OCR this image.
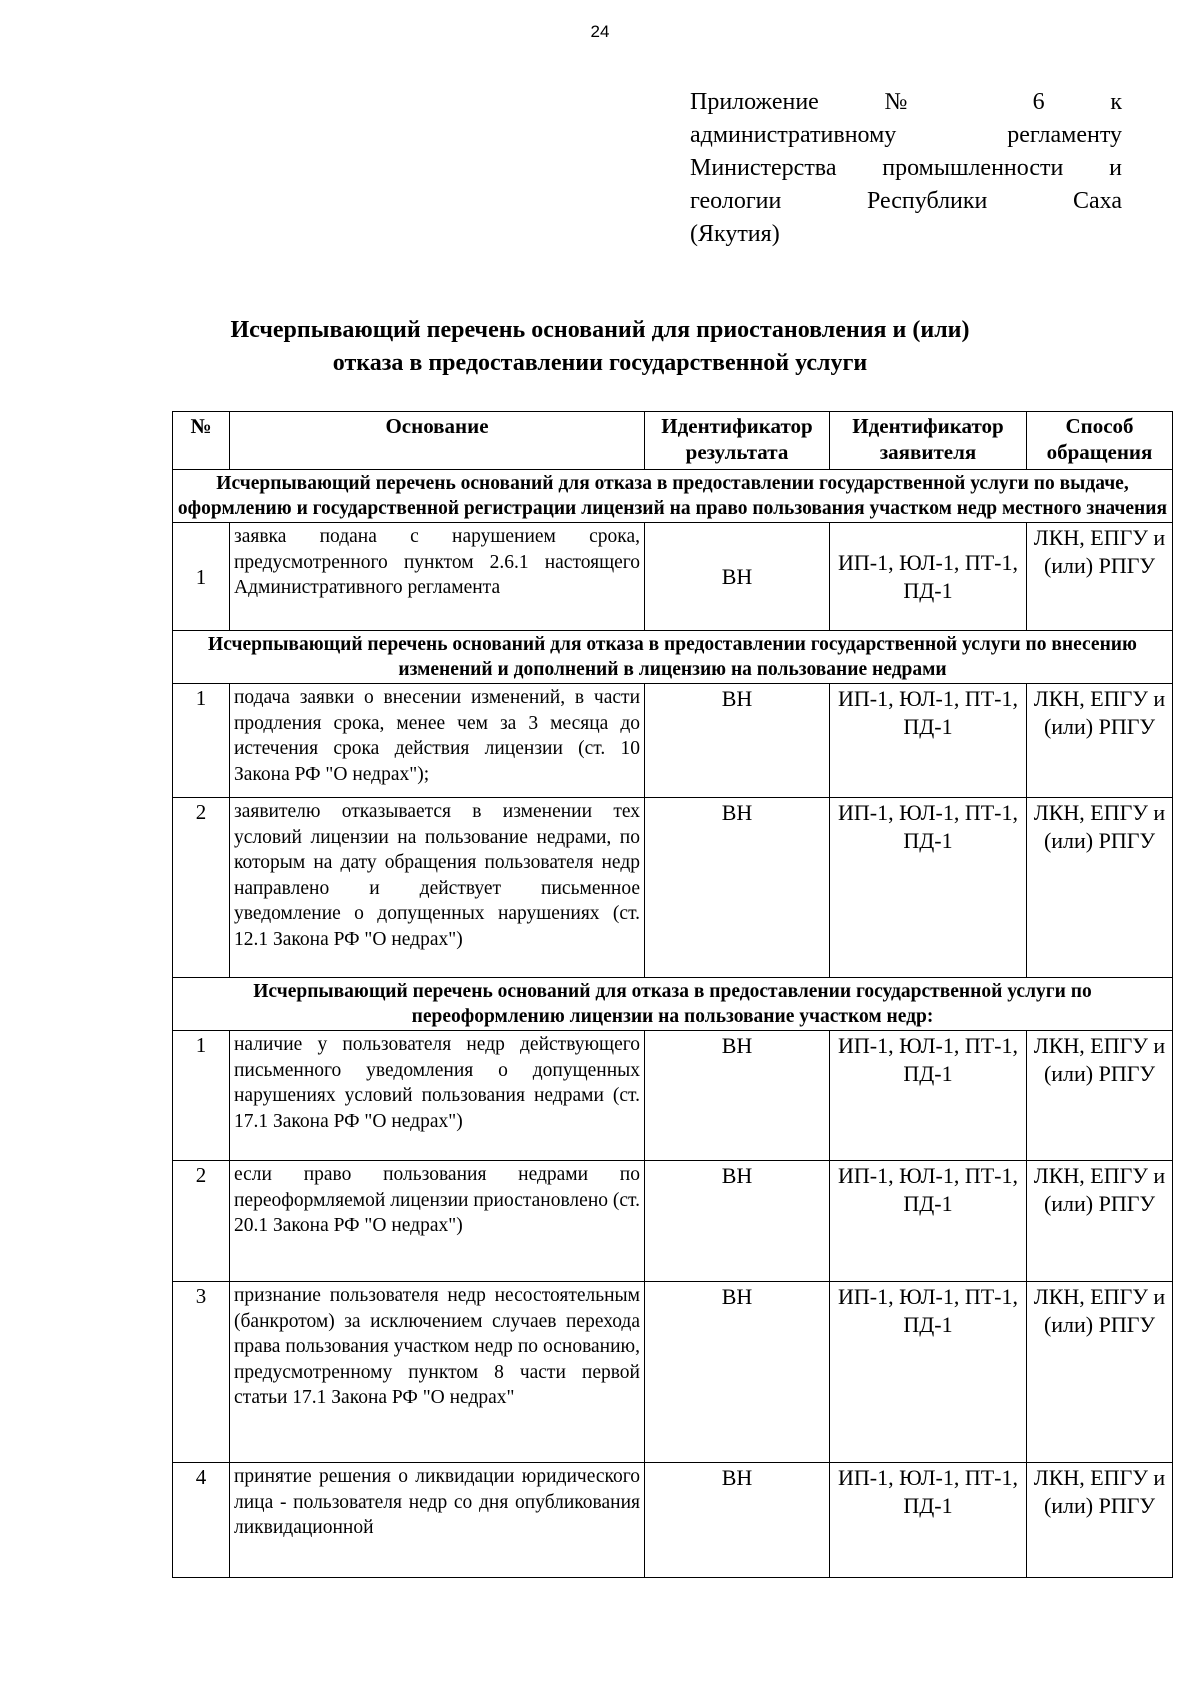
24
Приложение № 6 к
административному регламенту
Министерства промышленности и
геологии Республики Саха
(Якутия)
Исчерпывающий перечень оснований для приостановления и (или)
отказа в предоставлении государственной услуги
№	Основание	Идентификатор результата	Идентификатор заявителя	Способ обращения
Исчерпывающий перечень оснований для отказа в предоставлении государственной услуги по выдаче, оформлению и государственной регистрации лицензий на право пользования участком недр местного значения				
1	заявка подана с нарушением срока, предусмотренного пунктом 2.6.1 настоящего Административного регламента	ВН	ИП-1, ЮЛ-1, ПТ-1, ПД-1	ЛКН, ЕПГУ и (или) РПГУ
Исчерпывающий перечень оснований для отказа в предоставлении государственной услуги по внесению изменений и дополнений в лицензию на пользование недрами				
1	подача заявки о внесении изменений, в части продления срока, менее чем за 3 месяца до истечения срока действия лицензии (ст. 10 Закона РФ "О недрах");	ВН	ИП-1, ЮЛ-1, ПТ-1, ПД-1	ЛКН, ЕПГУ и (или) РПГУ
2	заявителю отказывается в изменении тех условий лицензии на пользование недрами, по которым на дату обращения пользователя недр направлено и действует письменное уведомление о допущенных нарушениях (ст. 12.1 Закона РФ "О недрах")	ВН	ИП-1, ЮЛ-1, ПТ-1, ПД-1	ЛКН, ЕПГУ и (или) РПГУ
Исчерпывающий перечень оснований для отказа в предоставлении государственной услуги по переоформлению лицензии на пользование участком недр:				
1	наличие у пользователя недр действующего письменного уведомления о допущенных нарушениях условий пользования недрами (ст. 17.1 Закона РФ "О недрах")	ВН	ИП-1, ЮЛ-1, ПТ-1, ПД-1	ЛКН, ЕПГУ и (или) РПГУ
2	если право пользования недрами по переоформляемой лицензии приостановлено (ст. 20.1 Закона РФ "О недрах")	ВН	ИП-1, ЮЛ-1, ПТ-1, ПД-1	ЛКН, ЕПГУ и (или) РПГУ
3	признание пользователя недр несостоятельным (банкротом) за исключением случаев перехода права пользования участком недр по основанию, предусмотренному пунктом 8 части первой статьи 17.1 Закона РФ "О недрах"	ВН	ИП-1, ЮЛ-1, ПТ-1, ПД-1	ЛКН, ЕПГУ и (или) РПГУ
4	принятие решения о ликвидации юридического лица - пользователя недр со дня опубликования ликвидационной	ВН	ИП-1, ЮЛ-1, ПТ-1, ПД-1	ЛКН, ЕПГУ и (или) РПГУ
